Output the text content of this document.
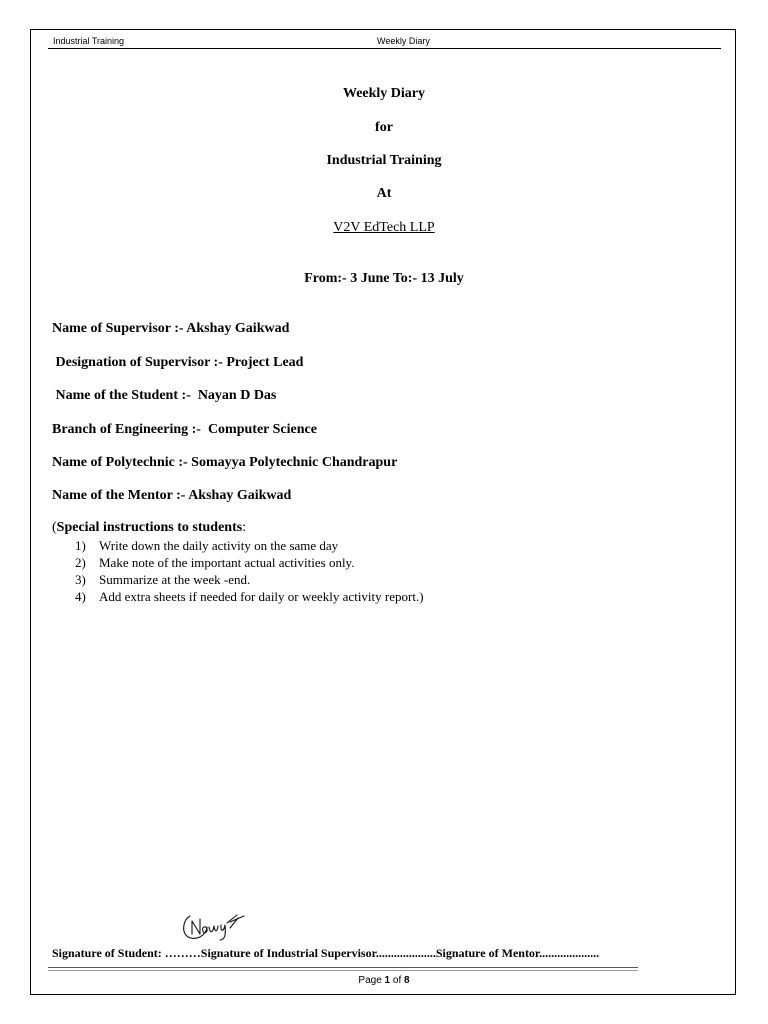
Industrial Training	Weekly Diary
Weekly Diary
for
Industrial Training
At
V2V EdTech LLP
From:- 3 June To:- 13 July
Name of Supervisor :- Akshay Gaikwad
Designation of Supervisor :- Project Lead
Name of the Student :-  Nayan D Das
Branch of Engineering :-  Computer Science
Name of Polytechnic :- Somayya Polytechnic Chandrapur
Name of the Mentor :- Akshay Gaikwad
(Special instructions to students:
1) Write down the daily activity on the same day
2) Make note of the important actual activities only.
3) Summarize at the week -end.
4) Add extra sheets if needed for daily or weekly activity report.)
Signature of Student: ………Signature of Industrial Supervisor....................Signature of Mentor....................
Page 1 of 8
